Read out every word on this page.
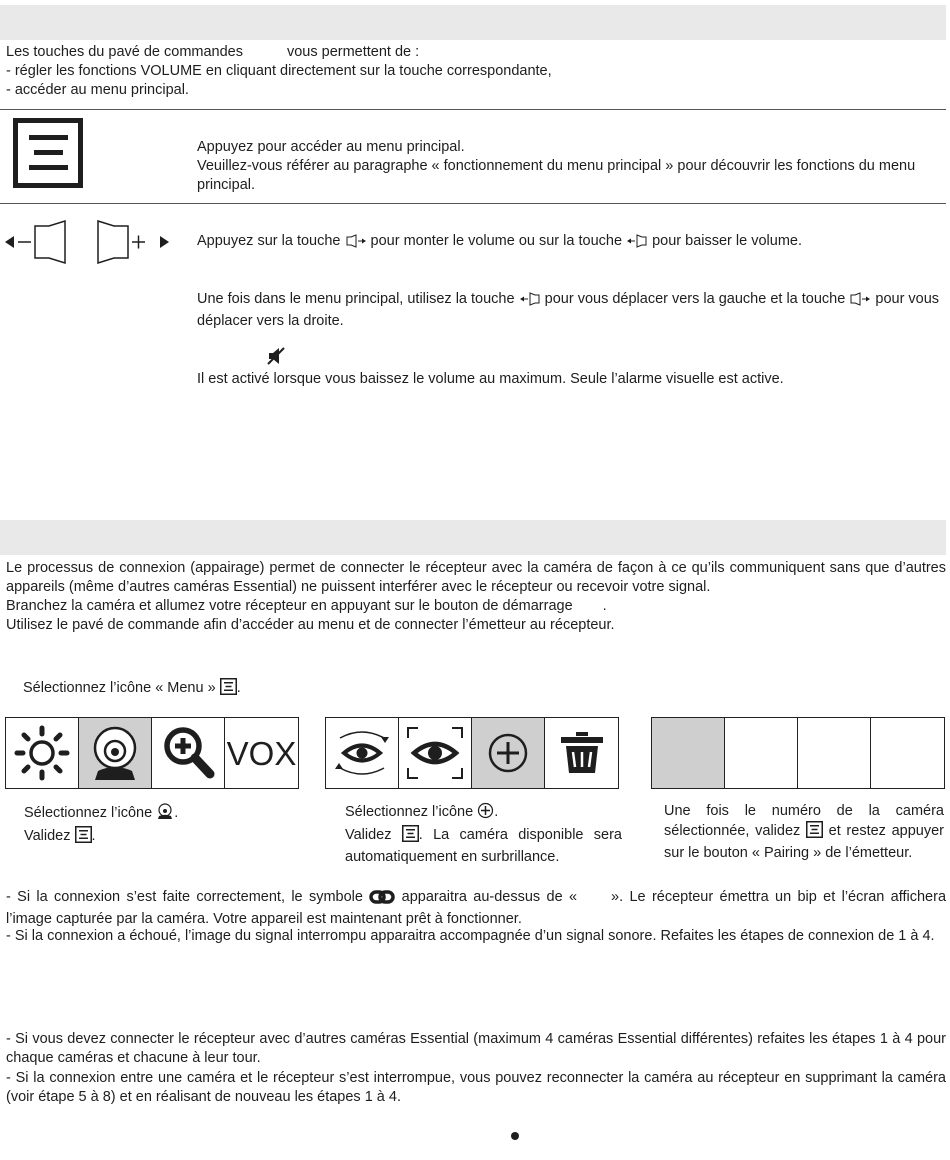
Les touches du pavé de commandes	vous permettent de :

- régler les fonctions VOLUME en cliquant directement sur la touche correspondante,

- accéder au menu principal.

Appuyez pour accéder au menu principal.

Veuillez-vous référer au paragraphe « fonctionnement du menu principal » pour découvrir les fonctions du menu principal.

Appuyez sur la touche pour monter le volume ou sur la touche pour baisser le volume.

Une fois dans le menu principal, utilisez la touche pour vous déplacer vers la gauche et la touche pour vous déplacer vers la droite.

Il est activé lorsque vous baissez le volume au maximum. Seule l’alarme visuelle est active.

Le processus de connexion (appairage) permet de connecter le récepteur avec la caméra de façon à ce qu’ils communiquent sans que d’autres appareils (même d’autres caméras Essential) ne puissent interférer avec le récepteur ou recevoir votre signal.

Branchez la caméra et allumez votre récepteur en appuyant sur le bouton de démarrage .

Utilisez le pavé de commande afin d’accéder au menu et de connecter l’émetteur au récepteur.

Sélectionnez l’icône « Menu » .

VOX

Sélectionnez l’icône .

Validez .

Sélectionnez l’icône .

Validez . La caméra disponible sera automatiquement en surbrillance.

Une fois le numéro de la caméra sélectionnée, validez et restez appuyer sur le bouton « Pairing » de l’émetteur.

- Si la connexion s’est faite correctement, le symbole	apparaitra au-dessus de « ». Le récepteur émettra un bip et l’écran affichera l’image capturée par la caméra. Votre appareil est maintenant prêt à fonctionner.

- Si la connexion a échoué, l’image du signal interrompu apparaitra accompagnée d’un signal sonore. Refaites les étapes de connexion de 1 à 4.

- Si vous devez connecter le récepteur avec d’autres caméras Essential (maximum 4 caméras Essential différentes) refaites les étapes 1 à 4 pour chaque caméras et chacune à leur tour.

- Si la connexion entre une caméra et le récepteur s’est interrompue, vous pouvez reconnecter la caméra au récepteur en supprimant la caméra (voir étape 5 à 8) et en réalisant de nouveau les étapes 1 à 4.
